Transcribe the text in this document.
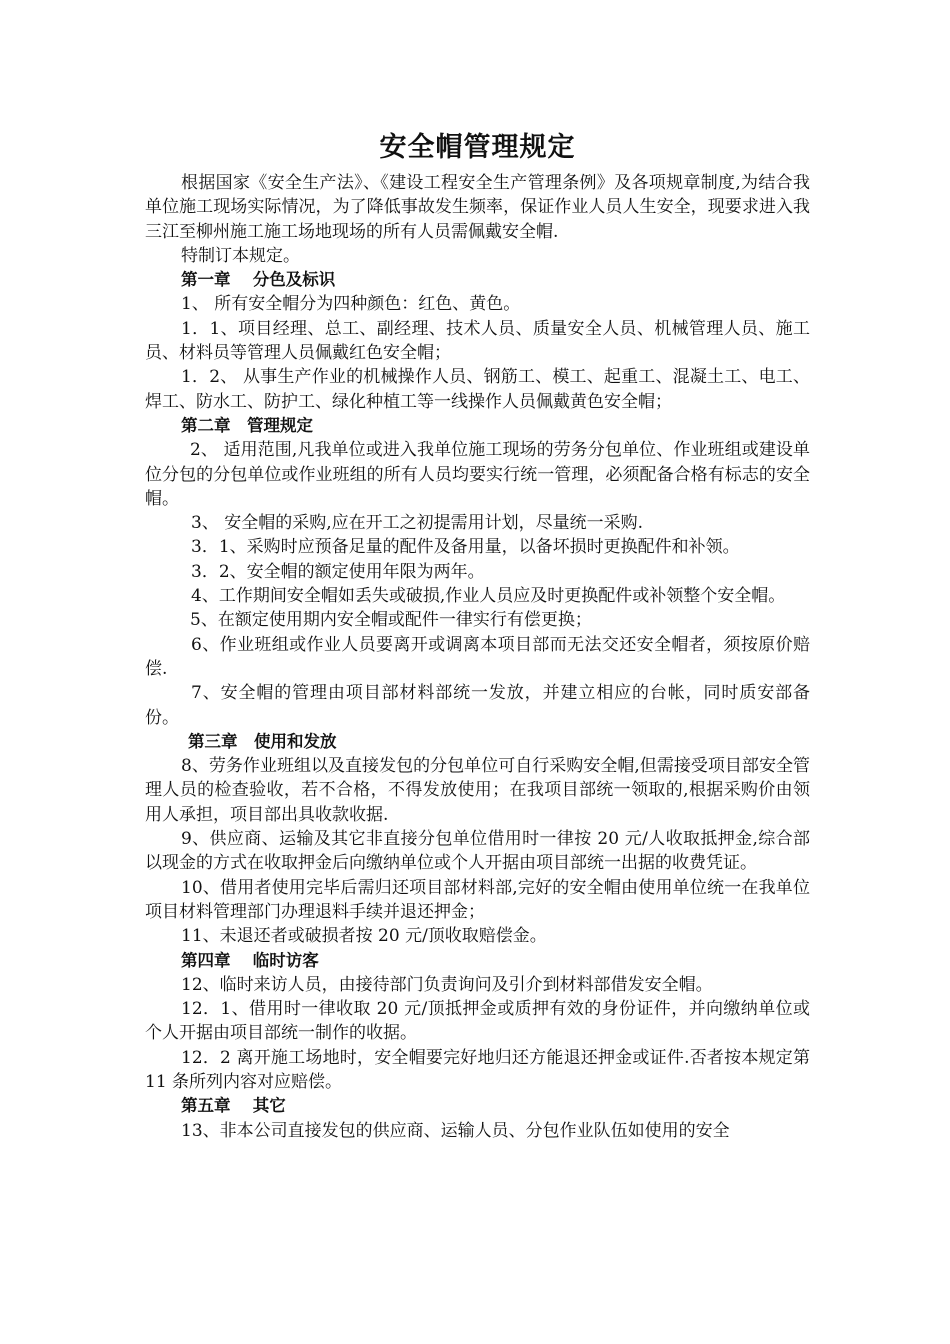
安全帽管理规定

根据国家《安全生产法》、《建设工程安全生产管理条例》及各项规章制度,为结合我单位施工现场实际情况，为了降低事故发生频率，保证作业人员人生安全，现要求进入我三江至柳州施工施工场地现场的所有人员需佩戴安全帽.

特制订本规定。

第一章　 分色及标识

1、 所有安全帽分为四种颜色：红色、黄色。

1．1、项目经理、总工、副经理、技术人员、质量安全人员、机械管理人员、施工员、材料员等管理人员佩戴红色安全帽；

1．2、 从事生产作业的机械操作人员、钢筋工、模工、起重工、混凝土工、电工、焊工、防水工、防护工、绿化种植工等一线操作人员佩戴黄色安全帽；

第二章　管理规定

2、 适用范围,凡我单位或进入我单位施工现场的劳务分包单位、作业班组或建设单位分包的分包单位或作业班组的所有人员均要实行统一管理，必须配备合格有标志的安全帽。

3、 安全帽的采购,应在开工之初提需用计划，尽量统一采购.

3．1、采购时应预备足量的配件及备用量，以备坏损时更换配件和补领。

3．2、安全帽的额定使用年限为两年。

4、工作期间安全帽如丢失或破损,作业人员应及时更换配件或补领整个安全帽。

5、在额定使用期内安全帽或配件一律实行有偿更换；

6、作业班组或作业人员要离开或调离本项目部而无法交还安全帽者，须按原价赔偿.

7、安全帽的管理由项目部材料部统一发放，并建立相应的台帐，同时质安部备份。

第三章　使用和发放

8、劳务作业班组以及直接发包的分包单位可自行采购安全帽,但需接受项目部安全管理人员的检查验收，若不合格，不得发放使用；在我项目部统一领取的,根据采购价由领用人承担，项目部出具收款收据.

9、供应商、运输及其它非直接分包单位借用时一律按 20 元/人收取抵押金,综合部以现金的方式在收取押金后向缴纳单位或个人开据由项目部统一出据的收费凭证。

10、借用者使用完毕后需归还项目部材料部,完好的安全帽由使用单位统一在我单位项目材料管理部门办理退料手续并退还押金；

11、未退还者或破损者按 20 元/顶收取赔偿金。

第四章　 临时访客

12、临时来访人员，由接待部门负责询问及引介到材料部借发安全帽。

12．1、借用时一律收取 20 元/顶抵押金或质押有效的身份证件，并向缴纳单位或个人开据由项目部统一制作的收据。

12．2 离开施工场地时，安全帽要完好地归还方能退还押金或证件.否者按本规定第 11 条所列内容对应赔偿。

第五章　 其它

13、非本公司直接发包的供应商、运输人员、分包作业队伍如使用的安全
